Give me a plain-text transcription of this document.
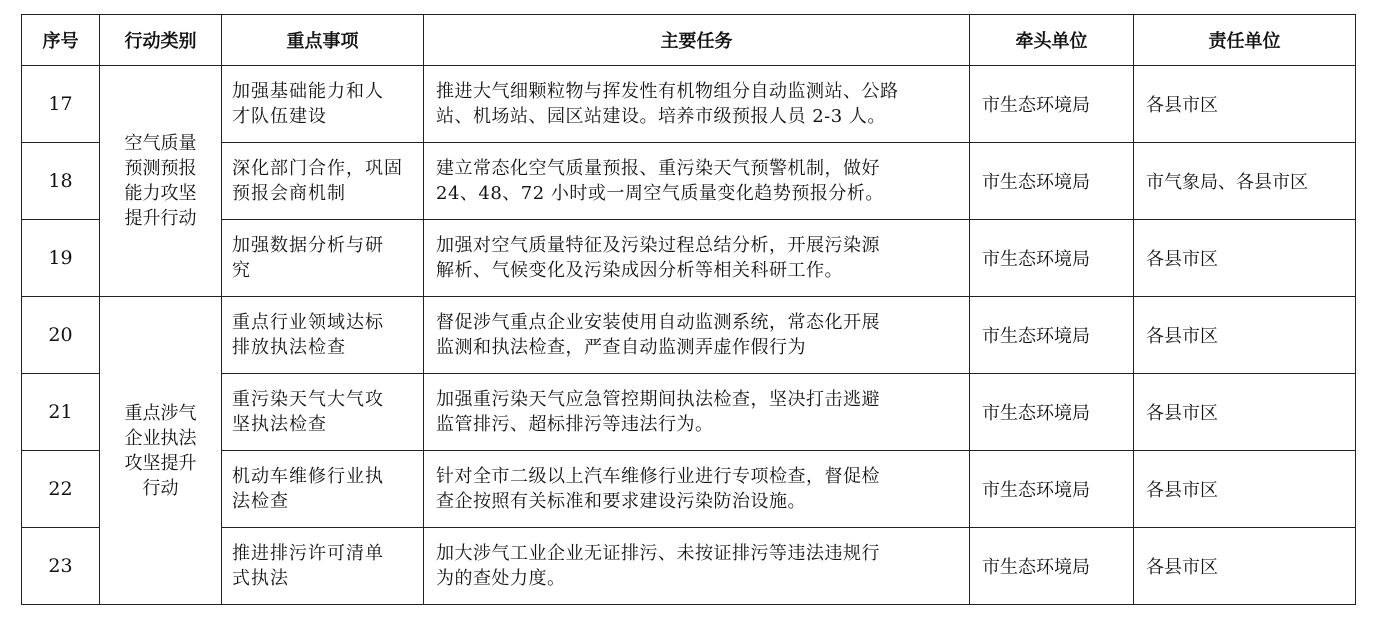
序号	行动类别	重点事项	主要任务	牵头单位	责任单位
17	空气质量
预测预报
能力攻坚
提升行动	加强基础能力和人
才队伍建设	推进大气细颗粒物与挥发性有机物组分自动监测站、公路
站、机场站、园区站建设。培养市级预报人员 2-3 人。	市生态环境局	各县市区
18		深化部门合作，巩固
预报会商机制	建立常态化空气质量预报、重污染天气预警机制，做好
24、48、72 小时或一周空气质量变化趋势预报分析。	市生态环境局	市气象局、各县市区
19		加强数据分析与研
究	加强对空气质量特征及污染过程总结分析，开展污染源
解析、气候变化及污染成因分析等相关科研工作。	市生态环境局	各县市区
20	重点涉气
企业执法
攻坚提升
行动	重点行业领域达标
排放执法检查	督促涉气重点企业安装使用自动监测系统，常态化开展
监测和执法检查，严查自动监测弄虚作假行为	市生态环境局	各县市区
21		重污染天气大气攻
坚执法检查	加强重污染天气应急管控期间执法检查，坚决打击逃避
监管排污、超标排污等违法行为。	市生态环境局	各县市区
22		机动车维修行业执
法检查	针对全市二级以上汽车维修行业进行专项检查，督促检
查企按照有关标准和要求建设污染防治设施。	市生态环境局	各县市区
23		推进排污许可清单
式执法	加大涉气工业企业无证排污、未按证排污等违法违规行
为的查处力度。	市生态环境局	各县市区
